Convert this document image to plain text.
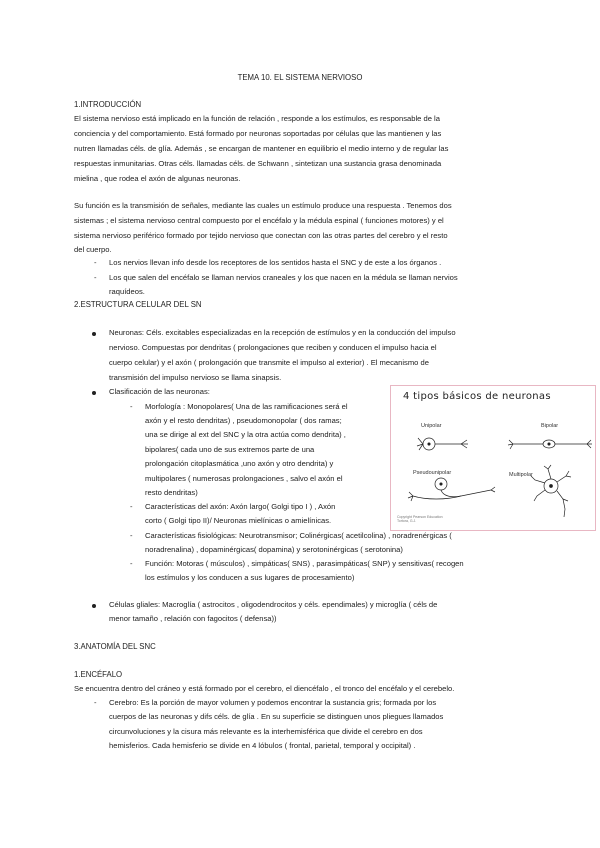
TEMA 10. EL SISTEMA NERVIOSO
1.INTRODUCCIÓN
El sistema nervioso está implicado en la función de relación , responde a los estímulos, es responsable de la
conciencia y del comportamiento. Está formado por neuronas soportadas por células que las mantienen y las
nutren llamadas céls. de glía. Además , se encargan de mantener en equilibrio el medio interno y de regular las
respuestas inmunitarias. Otras céls. llamadas céls. de Schwann , sintetizan una sustancia grasa denominada
mielina , que rodea el axón de algunas neuronas.
Su función es la transmisión de señales, mediante las cuales un estímulo produce una respuesta . Tenemos dos
sistemas ; el sistema nervioso central compuesto por el encéfalo y la médula espinal ( funciones motores) y el
sistema nervioso periférico formado por tejido nervioso que conectan con las otras partes del cerebro y el resto
del cuerpo.
- Los nervios llevan info desde los receptores de los sentidos hasta el SNC y de este a los órganos .
- Los que salen del encéfalo se llaman nervios craneales y los que nacen en la médula se llaman nervios
raquídeos.
2.ESTRUCTURA CELULAR DEL SN
Neuronas: Céls. excitables especializadas en la recepción de estímulos y en la conducción del impulso
nervioso. Compuestas por dendritas ( prolongaciones que reciben y conducen el impulso hacia el
cuerpo celular) y el axón ( prolongación que transmite el impulso al exterior) . El mecanismo de
transmisión del impulso nervioso se llama sinapsis.
Clasificación de las neuronas:
- Morfología : Monopolares( Una de las ramificaciones será el
axón y el resto dendritas) , pseudomonopolar ( dos ramas;
una se dirige al ext del SNC y la otra actúa como dendrita) ,
bipolares( cada uno de sus extremos parte de una
prolongación citoplasmática ,uno axón y otro dendrita) y
multipolares ( numerosas prolongaciones , salvo el axón el
resto dendritas)
- Características del axón: Axón largo( Golgi tipo I ) , Axón
corto ( Golgi tipo II)/ Neuronas mielínicas o amielínicas.
- Características fisiológicas: Neurotransmisor; Colinérgicas( acetilcolina) , noradrenérgicas (
noradrenalina) , dopaminérgicas( dopamina) y serotoninérgicas ( serotonina)
- Función: Motoras ( músculos) , simpáticas( SNS) , parasimpáticas( SNP) y sensitivas( recogen
los estímulos y los conducen a sus lugares de procesamiento)
Células gliales: Macroglía ( astrocitos , oligodendrocitos y céls. ependimales) y microglía ( céls de
menor tamaño , relación con fagocitos ( defensa))
4 tipos básicos de neuronas
Unipolar	Bipolar
Pseudounipolar	Multipolar
Copyright Pearson Education
Tortora, G.J.
3.ANATOMÍA DEL SNC
1.ENCÉFALO
Se encuentra dentro del cráneo y está formado por el cerebro, el diencéfalo , el tronco del encéfalo y el cerebelo.
- Cerebro: Es la porción de mayor volumen y podemos encontrar la sustancia gris; formada por los
cuerpos de las neuronas y difs céls. de glía . En su superficie se distinguen unos pliegues llamados
circunvoluciones y la cisura más relevante es la interhemisférica que divide el cerebro en dos
hemisferios. Cada hemisferio se divide en 4 lóbulos ( frontal, parietal, temporal y occipital) .
